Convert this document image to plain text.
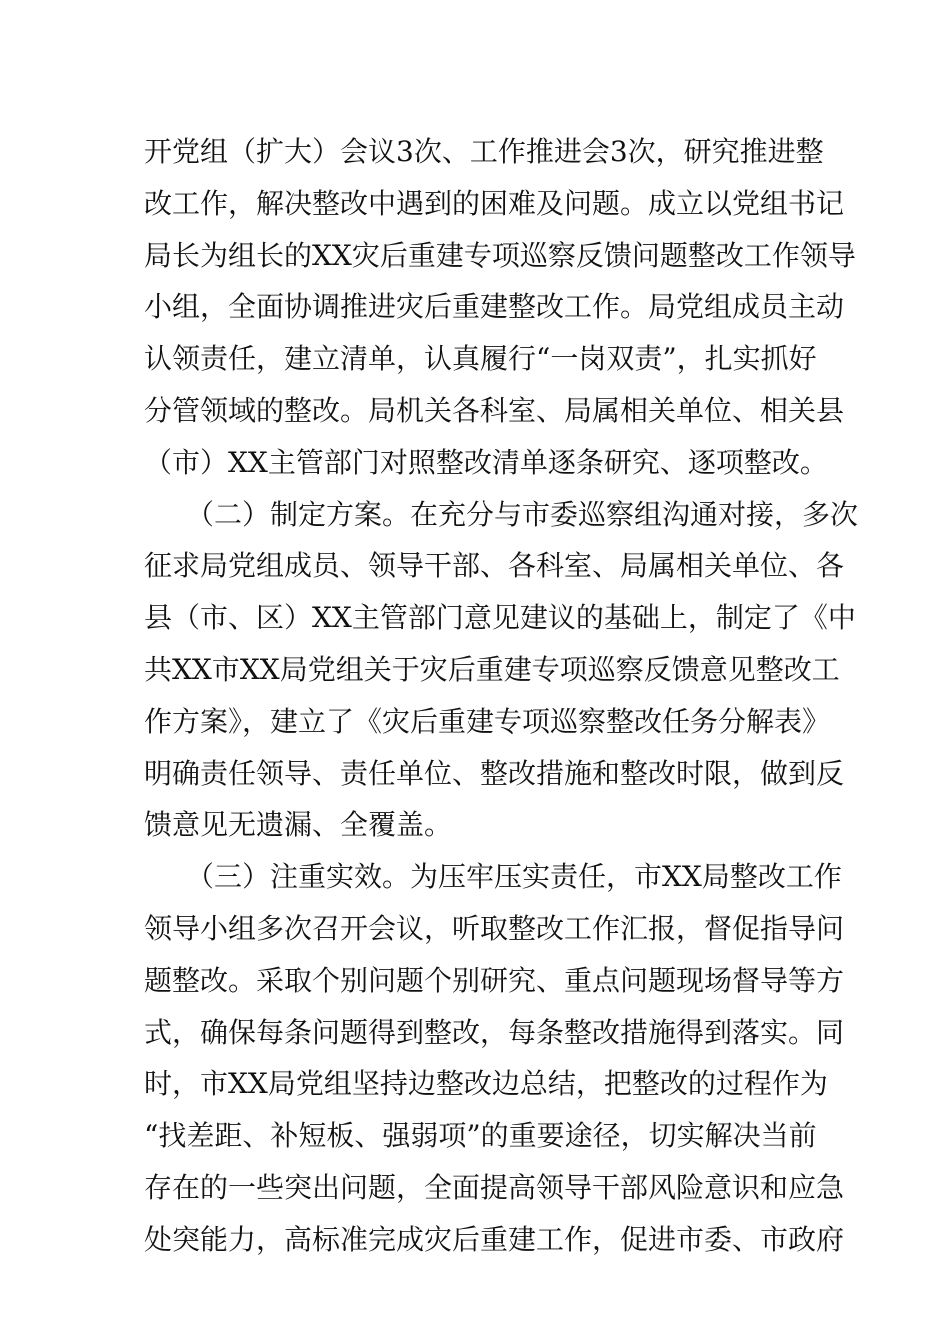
开党组（扩大）会议3次、工作推进会3次，研究推进整
改工作，解决整改中遇到的困难及问题。成立以党组书记
局长为组长的XX灾后重建专项巡察反馈问题整改工作领导
小组，全面协调推进灾后重建整改工作。局党组成员主动
认领责任，建立清单，认真履行“一岗双责”，扎实抓好
分管领域的整改。局机关各科室、局属相关单位、相关县
（市）XX主管部门对照整改清单逐条研究、逐项整改。
　　（二）制定方案。在充分与市委巡察组沟通对接，多次
征求局党组成员、领导干部、各科室、局属相关单位、各
县（市、区）XX主管部门意见建议的基础上，制定了《中
共XX市XX局党组关于灾后重建专项巡察反馈意见整改工
作方案》，建立了《灾后重建专项巡察整改任务分解表》
明确责任领导、责任单位、整改措施和整改时限，做到反
馈意见无遗漏、全覆盖。
　　（三）注重实效。为压牢压实责任，市XX局整改工作
领导小组多次召开会议，听取整改工作汇报，督促指导问
题整改。采取个别问题个别研究、重点问题现场督导等方
式，确保每条问题得到整改，每条整改措施得到落实。同
时，市XX局党组坚持边整改边总结，把整改的过程作为
“找差距、补短板、强弱项”的重要途径，切实解决当前
存在的一些突出问题，全面提高领导干部风险意识和应急
处突能力，高标准完成灾后重建工作，促进市委、市政府
